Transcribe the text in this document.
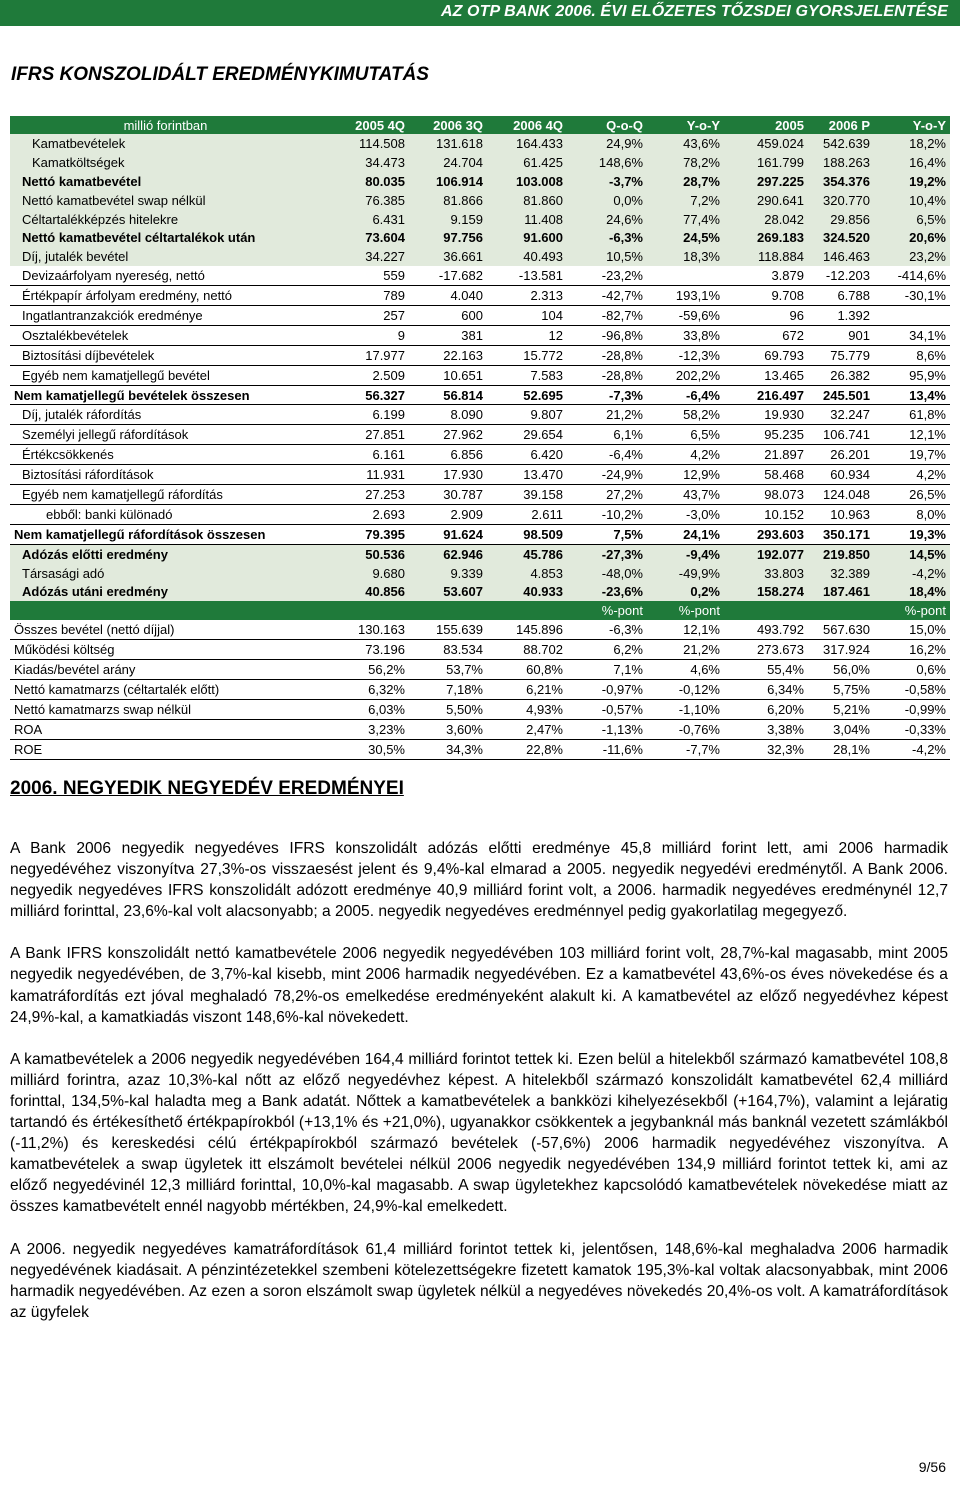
AZ OTP BANK 2006. ÉVI ELŐZETES TŐZSDEI GYORSJELENTÉSE
IFRS KONSZOLIDÁLT EREDMÉNYKIMUTATÁS
millió forintban	2005 4Q	2006 3Q	2006 4Q	Q-o-Q	Y-o-Y	2005	2006 P	Y-o-Y
Kamatbevételek	114.508	131.618	164.433	24,9%	43,6%	459.024	542.639	18,2%
Kamatköltségek	34.473	24.704	61.425	148,6%	78,2%	161.799	188.263	16,4%
Nettó kamatbevétel	80.035	106.914	103.008	-3,7%	28,7%	297.225	354.376	19,2%
Nettó kamatbevétel swap nélkül	76.385	81.866	81.860	0,0%	7,2%	290.641	320.770	10,4%
Céltartalékképzés hitelekre	6.431	9.159	11.408	24,6%	77,4%	28.042	29.856	6,5%
Nettó kamatbevétel céltartalékok után	73.604	97.756	91.600	-6,3%	24,5%	269.183	324.520	20,6%
Díj, jutalék bevétel	34.227	36.661	40.493	10,5%	18,3%	118.884	146.463	23,2%
Devizaárfolyam nyereség, nettó	559	-17.682	-13.581	-23,2%		3.879	-12.203	-414,6%
Értékpapír árfolyam eredmény, nettó	789	4.040	2.313	-42,7%	193,1%	9.708	6.788	-30,1%
Ingatlantranzakciók eredménye	257	600	104	-82,7%	-59,6%	96	1.392	
Osztalékbevételek	9	381	12	-96,8%	33,8%	672	901	34,1%
Biztosítási díjbevételek	17.977	22.163	15.772	-28,8%	-12,3%	69.793	75.779	8,6%
Egyéb nem kamatjellegű bevétel	2.509	10.651	7.583	-28,8%	202,2%	13.465	26.382	95,9%
Nem kamatjellegű bevételek összesen	56.327	56.814	52.695	-7,3%	-6,4%	216.497	245.501	13,4%
Díj, jutalék ráfordítás	6.199	8.090	9.807	21,2%	58,2%	19.930	32.247	61,8%
Személyi jellegű ráfordítások	27.851	27.962	29.654	6,1%	6,5%	95.235	106.741	12,1%
Értékcsökkenés	6.161	6.856	6.420	-6,4%	4,2%	21.897	26.201	19,7%
Biztosítási ráfordítások	11.931	17.930	13.470	-24,9%	12,9%	58.468	60.934	4,2%
Egyéb nem kamatjellegű ráfordítás	27.253	30.787	39.158	27,2%	43,7%	98.073	124.048	26,5%
ebből: banki különadó	2.693	2.909	2.611	-10,2%	-3,0%	10.152	10.963	8,0%
Nem kamatjellegű ráfordítások összesen	79.395	91.624	98.509	7,5%	24,1%	293.603	350.171	19,3%
Adózás előtti eredmény	50.536	62.946	45.786	-27,3%	-9,4%	192.077	219.850	14,5%
Társasági adó	9.680	9.339	4.853	-48,0%	-49,9%	33.803	32.389	-4,2%
Adózás utáni eredmény	40.856	53.607	40.933	-23,6%	0,2%	158.274	187.461	18,4%
				%-pont	%-pont			%-pont
Összes bevétel (nettó díjjal)	130.163	155.639	145.896	-6,3%	12,1%	493.792	567.630	15,0%
Működési költség	73.196	83.534	88.702	6,2%	21,2%	273.673	317.924	16,2%
Kiadás/bevétel arány	56,2%	53,7%	60,8%	7,1%	4,6%	55,4%	56,0%	0,6%
Nettó kamatmarzs (céltartalék előtt)	6,32%	7,18%	6,21%	-0,97%	-0,12%	6,34%	5,75%	-0,58%
Nettó kamatmarzs swap nélkül	6,03%	5,50%	4,93%	-0,57%	-1,10%	6,20%	5,21%	-0,99%
ROA	3,23%	3,60%	2,47%	-1,13%	-0,76%	3,38%	3,04%	-0,33%
ROE	30,5%	34,3%	22,8%	-11,6%	-7,7%	32,3%	28,1%	-4,2%
2006. NEGYEDIK NEGYEDÉV EREDMÉNYEI

A Bank 2006 negyedik negyedéves IFRS konszolidált adózás előtti eredménye 45,8 milliárd forint lett, ami 2006 harmadik negyedévéhez viszonyítva 27,3%-os visszaesést jelent és 9,4%-kal elmarad a 2005. negyedik negyedévi eredménytől. A Bank 2006. negyedik negyedéves IFRS konszolidált adózott eredménye 40,9 milliárd forint volt, a 2006. harmadik negyedéves eredménynél 12,7 milliárd forinttal, 23,6%-kal volt alacsonyabb; a 2005. negyedik negyedéves eredménnyel pedig gyakorlatilag megegyező.

A Bank IFRS konszolidált nettó kamatbevétele 2006 negyedik negyedévében 103 milliárd forint volt, 28,7%-kal magasabb, mint 2005 negyedik negyedévében, de 3,7%-kal kisebb, mint 2006 harmadik negyedévében. Ez a kamatbevétel 43,6%-os éves növekedése és a kamatráfordítás ezt jóval meghaladó 78,2%-os emelkedése eredményeként alakult ki. A kamatbevétel az előző negyedévhez képest 24,9%-kal, a kamatkiadás viszont 148,6%-kal növekedett.

A kamatbevételek a 2006 negyedik negyedévében 164,4 milliárd forintot tettek ki. Ezen belül a hitelekből származó kamatbevétel 108,8 milliárd forintra, azaz 10,3%-kal nőtt az előző negyedévhez képest. A hitelekből származó konszolidált kamatbevétel 62,4 milliárd forinttal, 134,5%-kal haladta meg a Bank adatát. Nőttek a kamatbevételek a bankközi kihelyezésekből (+164,7%), valamint a lejáratig tartandó és értékesíthető értékpapírokból (+13,1% és +21,0%), ugyanakkor csökkentek a jegybanknál más banknál vezetett számlákból (-11,2%) és kereskedési célú értékpapírokból származó bevételek (-57,6%) 2006 harmadik negyedévéhez viszonyítva. A kamatbevételek a swap ügyletek itt elszámolt bevételei nélkül 2006 negyedik negyedévében 134,9 milliárd forintot tettek ki, ami az előző negyedévinél 12,3 milliárd forinttal, 10,0%-kal magasabb. A swap ügyletekhez kapcsolódó kamatbevételek növekedése miatt az összes kamatbevételt ennél nagyobb mértékben, 24,9%-kal emelkedett.

A 2006. negyedik negyedéves kamatráfordítások 61,4 milliárd forintot tettek ki, jelentősen, 148,6%-kal meghaladva 2006 harmadik negyedévének kiadásait. A pénzintézetekkel szembeni kötelezettségekre fizetett kamatok 195,3%-kal voltak alacsonyabbak, mint 2006 harmadik negyedévében. Az ezen a soron elszámolt swap ügyletek nélkül a negyedéves növekedés 20,4%-os volt. A kamatráfordítások az ügyfelek

9/56
